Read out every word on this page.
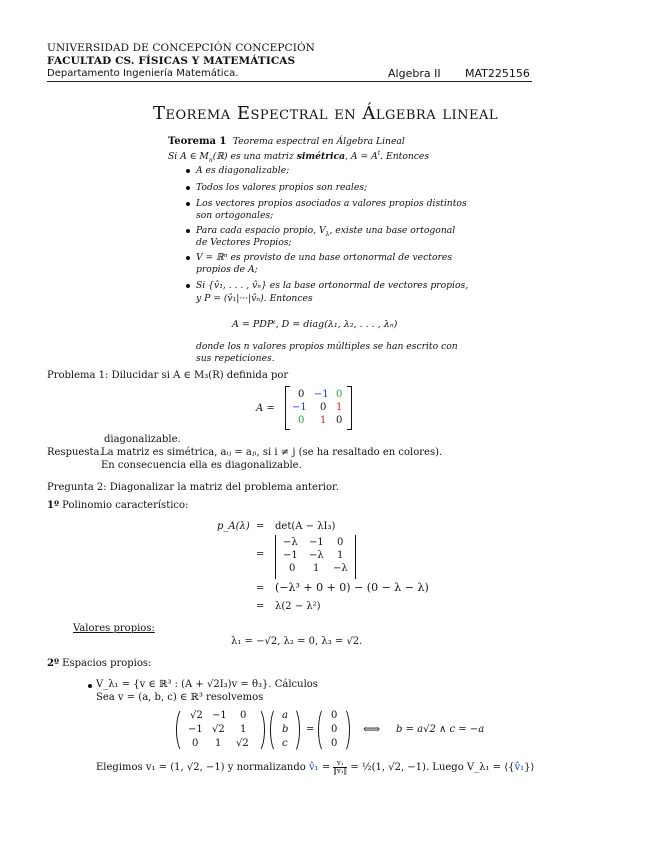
UNIVERSIDAD DE CONCEPCIÓN CONCEPCIÓN
FACULTAD CS. FÍSICAS Y MATEMÁTICAS
Departamento Ingeniería Matemática.	Algebra II MAT225156
Teorema Espectral en Álgebra lineal
Teorema 1 Teorema espectral en Álgebra Lineal
Si A ∈ $M_n(ℝ)$ es una matriz simétrica, $A = A^t$. Entonces
A es diagonalizable;
Todos los valores propios son reales;
Los vectores propios asociados a valores propios distintos
son ortogonales;
Para cada espacio propio, $V_\lambda$, existe una base ortogonal
de Vectores Propios;
V = ℝⁿ es provisto de una base ortonormal de vectores
propios de A;
Si {v̂₁, . . . , v̂ₙ} es la base ortonormal de vectores propios,
y P = (v̂₁|···|v̂ₙ). Entonces
A = PDPᵗ, D = diag(λ₁, λ₂, . . . , λₙ)
donde los n valores propios múltiples se han escrito con
sus repeticiones.
Problema 1: Dilucidar si A ∈ M₃(R) definida por
A =
0 −1 0
−1 0 1
0 1 0
diagonalizable.
Respuesta.
La matriz es simétrica, aᵢⱼ = aⱼᵢ, si i ≠ j (se ha resaltado en colores).
En consecuencia ella es diagonalizable.
Pregunta 2: Diagonalizar la matriz del problema anterior.
1º Polinomio característico:
p_A(λ) = det(A − λI₃)
=
−λ −1 0
−1 −λ 1
0 1 −λ
= (−λ³ + 0 + 0) − (0 − λ − λ)
= λ(2 − λ²)
Valores propios:
λ₁ = −√2, λ₂ = 0, λ₃ = √2.
2º Espacios propios:
V_λ₁ = {v ∈ ℝ³ : (A + √2I₃)v = θ₃}. Cálculos
Sea v = (a, b, c) ∈ ℝ³ resolvemos
√2 −1 0
−1 √2 1
0 1 √2
a
b
c
=
0
0
0
⟺ b = a√2 ∧ c = −a
Elegimos v₁ = (1, √2, −1) y normalizando v̂₁ = $\frac{\text{v₁}}{\text{‖v₁‖}}$ = ½(1, √2, −1). Luego V_λ₁ = ⟨{v̂₁}⟩
